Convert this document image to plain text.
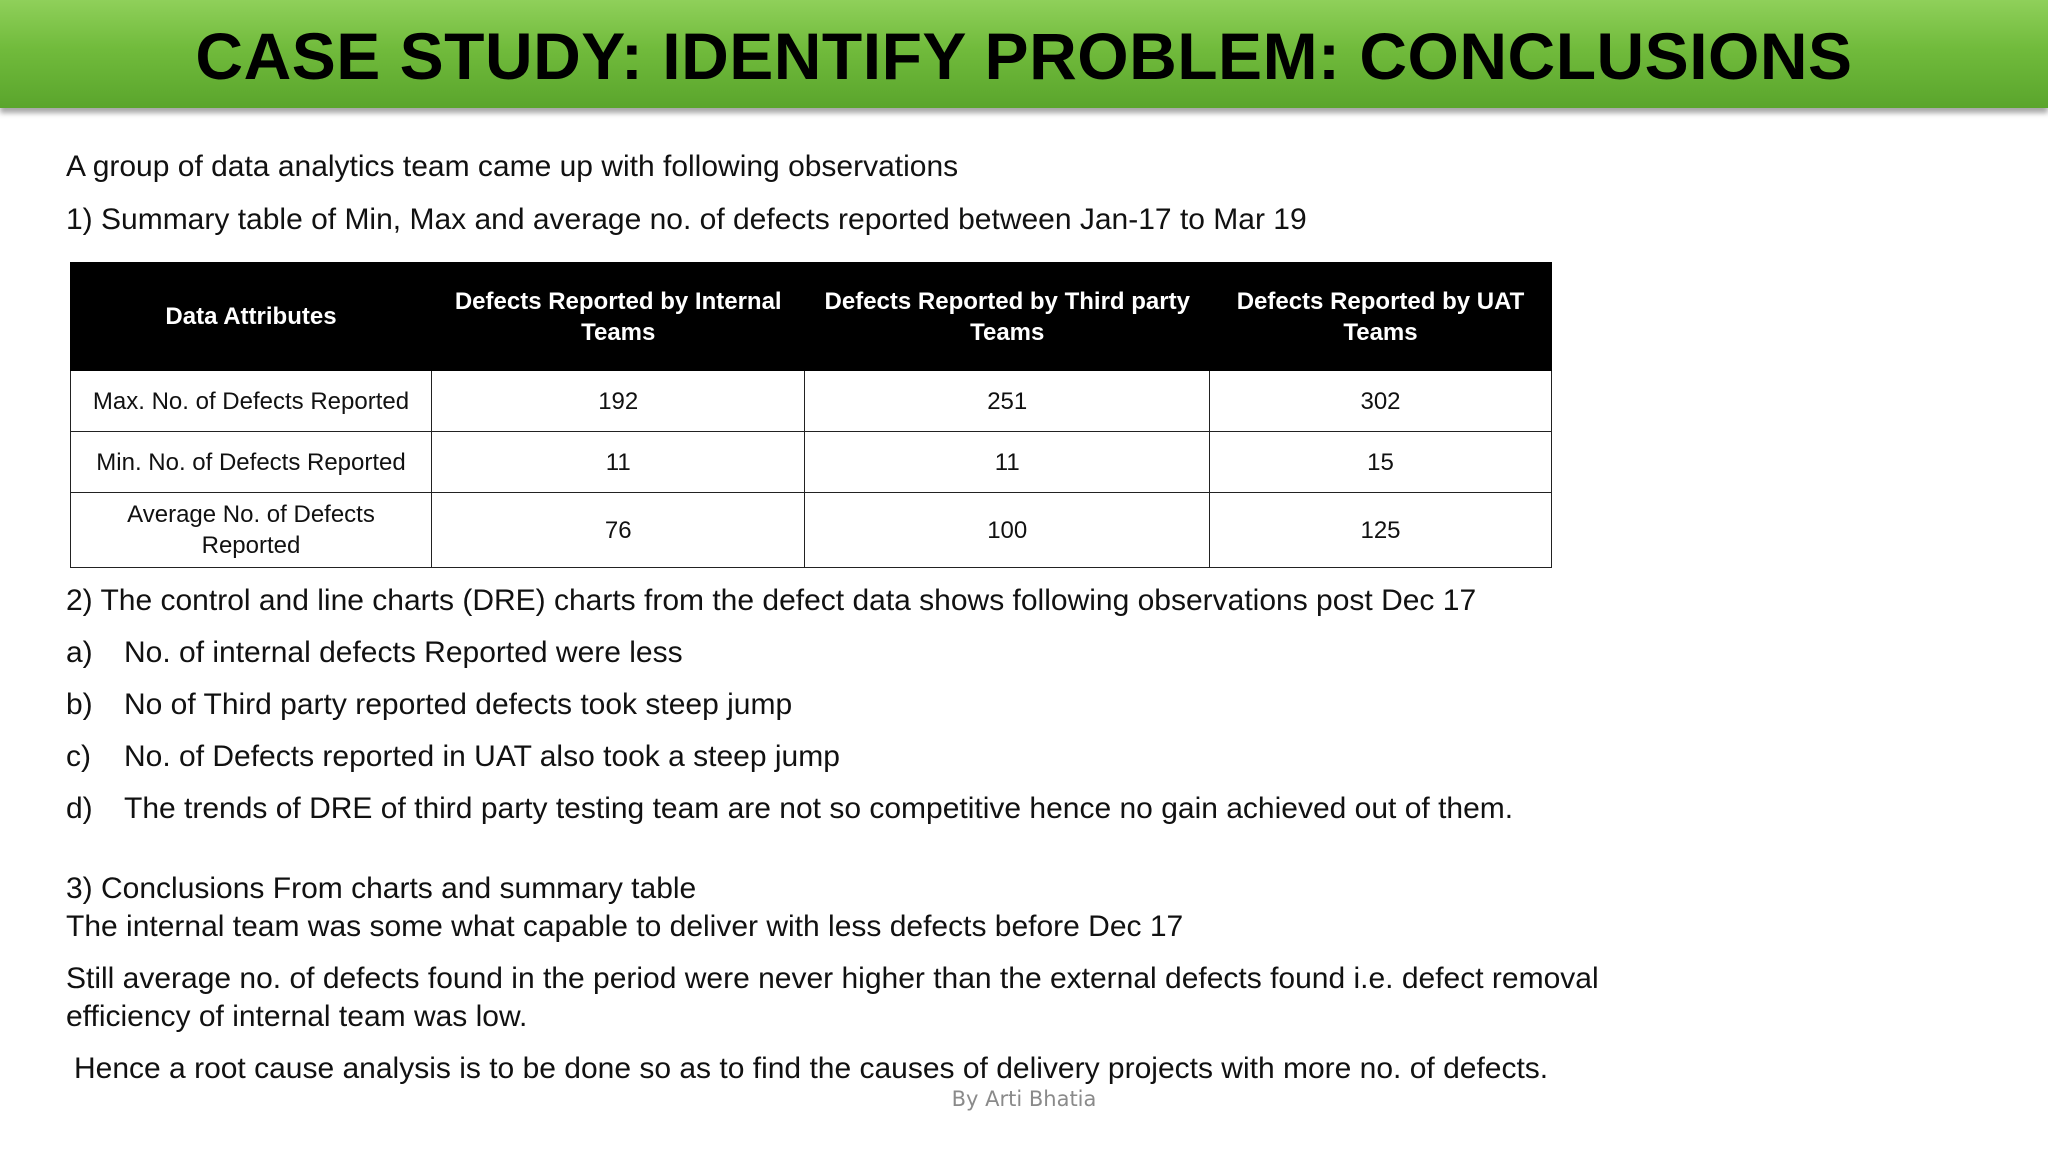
CASE STUDY: IDENTIFY PROBLEM: CONCLUSIONS
A group of data analytics team came up with following observations
1) Summary table of Min, Max and average no. of defects reported between Jan-17 to Mar 19
Data Attributes	Defects Reported by Internal Teams	Defects Reported by Third party Teams	Defects Reported by UAT Teams
Max. No. of Defects Reported	192	251	302
Min. No. of Defects Reported	11	11	15
Average No. of Defects Reported	76	100	125
2) The control and line charts (DRE) charts from the defect data shows following observations post Dec 17
a) No. of internal defects Reported were less
b) No of Third party reported defects took steep jump
c) No. of Defects reported in UAT also took a steep jump
d) The trends of DRE of third party testing team are not so competitive hence no gain achieved out of them.
3) Conclusions From charts and summary table
The internal team was some what capable to deliver with less defects before Dec 17
Still average no. of defects found in the period were never higher than the external defects found i.e. defect removal
efficiency of internal team was low.
Hence a root cause analysis is to be done so as to find the causes of delivery projects with more no. of defects.
By Arti Bhatia
